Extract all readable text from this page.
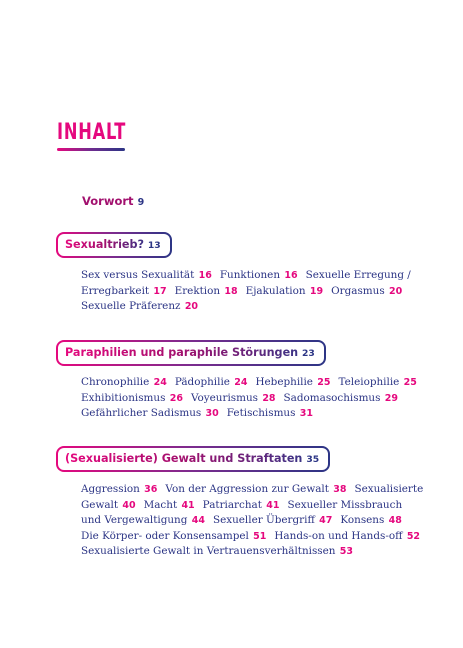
INHALT
Vorwort 9
Sexualtrieb? 13
Sex versus Sexualität 16 Funktionen 16 Sexuelle Erregung /
Erregbarkeit 17 Erektion 18 Ejakulation 19 Orgasmus 20
Sexuelle Präferenz 20
Paraphilien und paraphile Störungen 23
Chronophilie 24 Pädophilie 24 Hebephilie 25 Teleiophilie 25
Exhibitionismus 26 Voyeurismus 28 Sadomasochismus 29
Gefährlicher Sadismus 30 Fetischismus 31
(Sexualisierte) Gewalt und Straftaten 35
Aggression 36 Von der Aggression zur Gewalt 38 Sexualisierte
Gewalt 40 Macht 41 Patriarchat 41 Sexueller Missbrauch
und Vergewaltigung 44 Sexueller Übergriff 47 Konsens 48
Die Körper- oder Konsensampel 51 Hands-on und Hands-off 52
Sexualisierte Gewalt in Vertrauensverhältnissen 53
